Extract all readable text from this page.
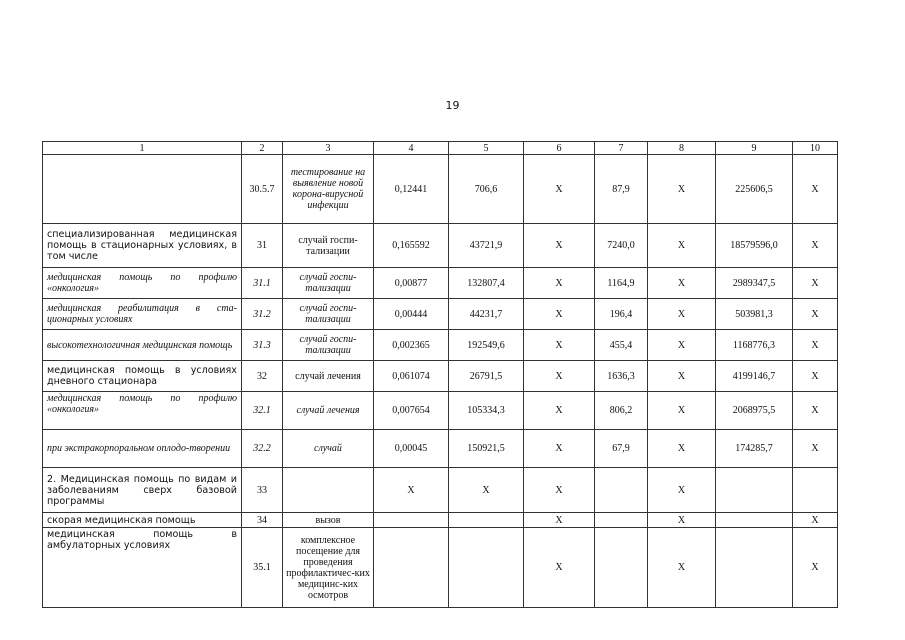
19
1	2	3	4	5	6	7	8	9	10
	30.5.7	тестирование на выявление новой корона-вирусной инфекции	0,12441	706,6	Х	87,9	Х	225606,5	Х
специализированная медицинская помощь в стационарных условиях, в том числе	31	случай госпи-тализации	0,165592	43721,9	Х	7240,0	Х	18579596,0	Х
медицинская помощь по профилю «онкология»	31.1	случай госпи-тализации	0,00877	132807,4	Х	1164,9	Х	2989347,5	Х
медицинская реабилитация в ста-ционарных условиях	31.2	случай госпи-тализации	0,00444	44231,7	Х	196,4	Х	503981,3	Х
высокотехнологичная медицинская помощь	31.3	случай госпи-тализации	0,002365	192549,6	Х	455,4	Х	1168776,3	Х
медицинская помощь в условиях дневного стационара	32	случай лечения	0,061074	26791,5	Х	1636,3	Х	4199146,7	Х
медицинская помощь по профилю «онкология»	32.1	случай лечения	0,007654	105334,3	Х	806,2	Х	2068975,5	Х
при экстракорпоральном оплодо-творении	32.2	случай	0,00045	150921,5	Х	67,9	Х	174285,7	Х
2. Медицинская помощь по видам и заболеваниям сверх базовой программы	33		Х	Х	Х		Х		
скорая медицинская помощь	34	вызов			Х		Х		Х
медицинская помощь в амбулаторных условиях	35.1	комплексное посещение для проведения профилактичес-ких медицинс-ких осмотров			Х		Х		Х
